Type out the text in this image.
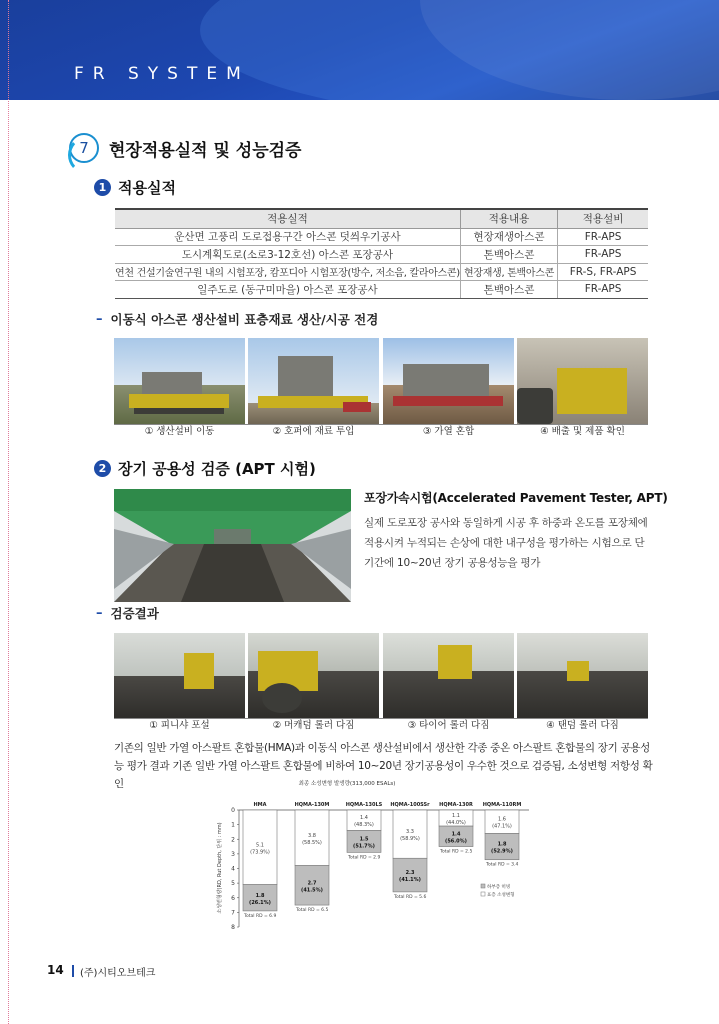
FR SYSTEM
7	현장적용실적 및 성능검증
1 적용실적
적용실적	적용내용	적용설비
운산면 고풍리 도로접용구간 아스콘 덧씌우기공사	현장재생아스콘	FR-APS
도시계획도로(소로3-12호선) 아스콘 포장공사	톤백아스콘	FR-APS
연천 건설기술연구원 내의 시험포장, 캄포디아 시험포장(방수, 저소음, 칼라아스콘)	현장재생, 톤백아스콘	FR-S, FR-APS
일주도로 (동구미마을) 아스콘 포장공사	톤백아스콘	FR-APS
– 이동식 아스콘 생산설비 표층재료 생산/시공 전경
① 생산설비 이동	② 호퍼에 재료 투입	③ 가열 혼합	④ 배출 및 제품 확인
2 장기 공용성 검증 (APT 시험)
포장가속시험(Accelerated Pavement Tester, APT)
실제 도로포장 공사와 동일하게 시공 후 하중과 온도를 포장체에 적용시켜 누적되는 손상에 대한 내구성을 평가하는 시험으로 단기간에 10~20년 장기 공용성능을 평가
– 검증결과
① 피니샤 포설	② 머캐덤 롤러 다짐	③ 타이어 롤러 다짐	④ 탠덤 롤러 다짐
기존의 일반 가열 아스팔트 혼합물(HMA)과 이동식 아스콘 생산설비에서 생산한 각종 중온 아스팔트 혼합물의 장기 공용성능 평가 결과 기존 일반 가열 아스팔트 혼합물에 비하여 10~20년 장기공용성이 우수한 것으로 검증됨, 소성변형 저항성 확인	최종 소성변형 발생량(313,000 ESALs)
소성변형량(RD, Rut Depth, 단위 : mm)
0
1
2
3
4
5
6
7
8
HMA
5.1
(73.9%)
1.8
(26.1%)
Total RD = 6.9
HQMA-130M
3.8
(58.5%)
2.7
(41.5%)
Total RD = 6.5
HQMA-130LS
1.4
(48.3%)
1.5
(51.7%)
Total RD = 2.9
HQMA-100SSr
3.3
(58.9%)
2.3
(41.1%)
Total RD = 5.6
HQMA-130R
1.1
(44.0%)
1.4
(56.0%)
Total RD = 2.5
HQMA-110RM
1.6
(47.1%)
1.8
(52.9%)
Total RD = 3.4
하부층 히빙
표층 소성변형
14 (주)시티오브테크
